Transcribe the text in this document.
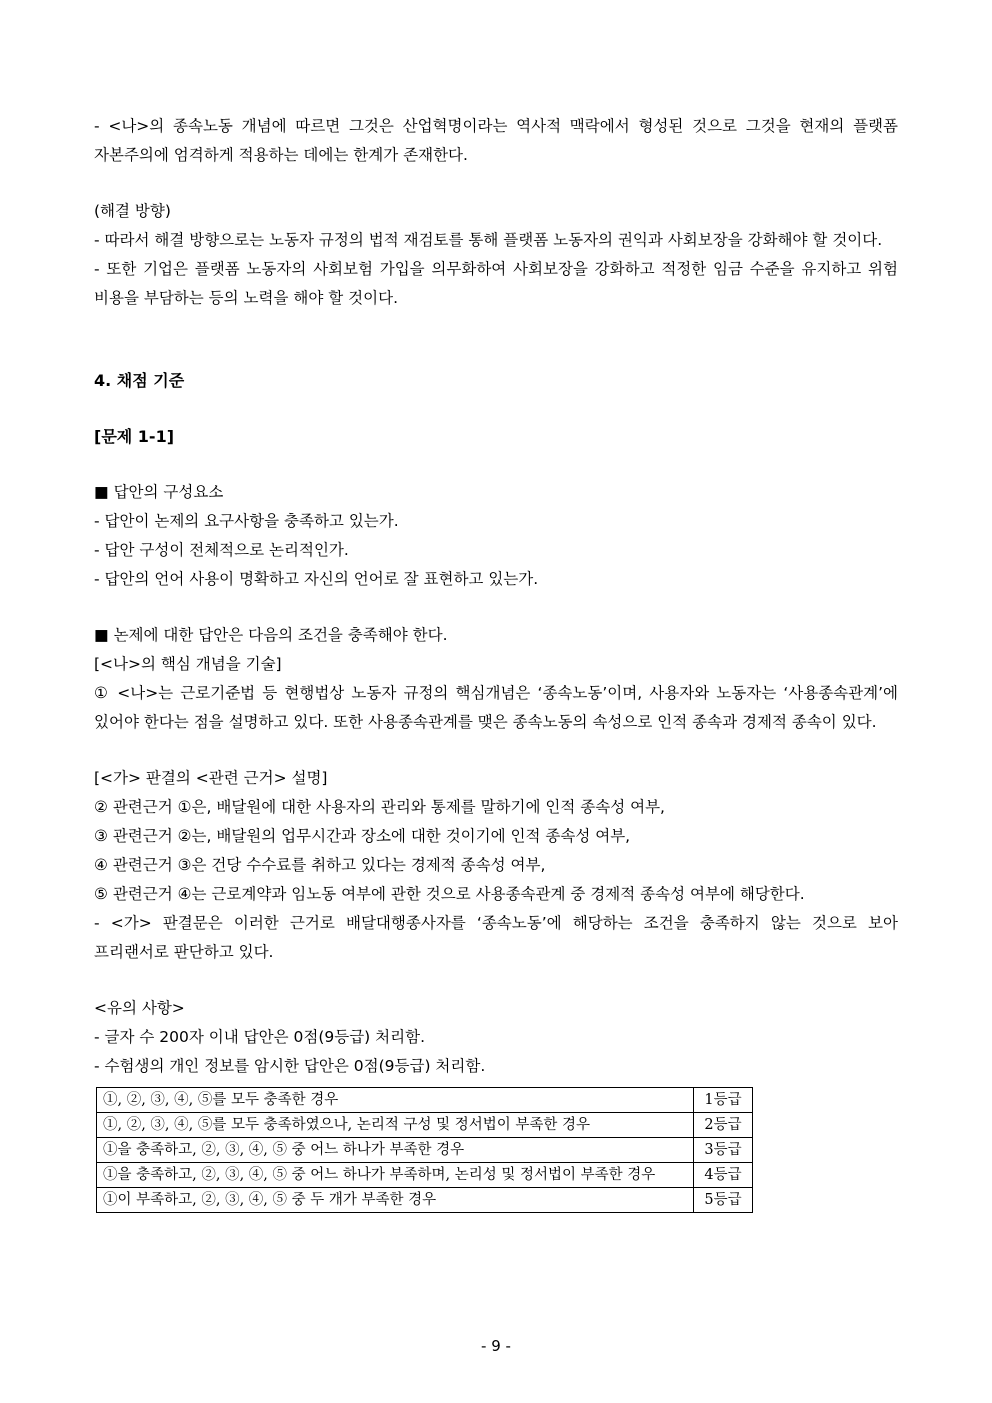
- <나>의 종속노동 개념에 따르면 그것은 산업혁명이라는 역사적 맥락에서 형성된 것으로 그것을 현재의 플랫폼 자본주의에 엄격하게 적용하는 데에는 한계가 존재한다.

(해결 방향)

- 따라서 해결 방향으로는 노동자 규정의 법적 재검토를 통해 플랫폼 노동자의 권익과 사회보장을 강화해야 할 것이다.

- 또한 기업은 플랫폼 노동자의 사회보험 가입을 의무화하여 사회보장을 강화하고 적정한 임금 수준을 유지하고 위험 비용을 부담하는 등의 노력을 해야 할 것이다.

4. 채점 기준

[문제 1-1]

■ 답안의 구성요소

- 답안이 논제의 요구사항을 충족하고 있는가.

- 답안 구성이 전체적으로 논리적인가.

- 답안의 언어 사용이 명확하고 자신의 언어로 잘 표현하고 있는가.

■ 논제에 대한 답안은 다음의 조건을 충족해야 한다.

[<나>의 핵심 개념을 기술]

① <나>는 근로기준법 등 현행법상 노동자 규정의 핵심개념은 ‘종속노동’이며, 사용자와 노동자는 ‘사용종속관계’에 있어야 한다는 점을 설명하고 있다. 또한 사용종속관계를 맺은 종속노동의 속성으로 인적 종속과 경제적 종속이 있다.

[<가> 판결의 <관련 근거> 설명]

② 관련근거 ①은, 배달원에 대한 사용자의 관리와 통제를 말하기에 인적 종속성 여부,

③ 관련근거 ②는, 배달원의 업무시간과 장소에 대한 것이기에 인적 종속성 여부,

④ 관련근거 ③은 건당 수수료를 취하고 있다는 경제적 종속성 여부,

⑤ 관련근거 ④는 근로계약과 임노동 여부에 관한 것으로 사용종속관계 중 경제적 종속성 여부에 해당한다.

- <가> 판결문은 이러한 근거로 배달대행종사자를 ‘종속노동’에 해당하는 조건을 충족하지 않는 것으로 보아 프리랜서로 판단하고 있다.

<유의 사항>

- 글자 수 200자 이내 답안은 0점(9등급) 처리함.

- 수험생의 개인 정보를 암시한 답안은 0점(9등급) 처리함.

①, ②, ③, ④, ⑤를 모두 충족한 경우	1등급
①, ②, ③, ④, ⑤를 모두 충족하였으나, 논리적 구성 및 정서법이 부족한 경우	2등급
①을 충족하고, ②, ③, ④, ⑤ 중 어느 하나가 부족한 경우	3등급
①을 충족하고, ②, ③, ④, ⑤ 중 어느 하나가 부족하며, 논리성 및 정서법이 부족한 경우	4등급
①이 부족하고, ②, ③, ④, ⑤ 중 두 개가 부족한 경우	5등급
- 9 -
